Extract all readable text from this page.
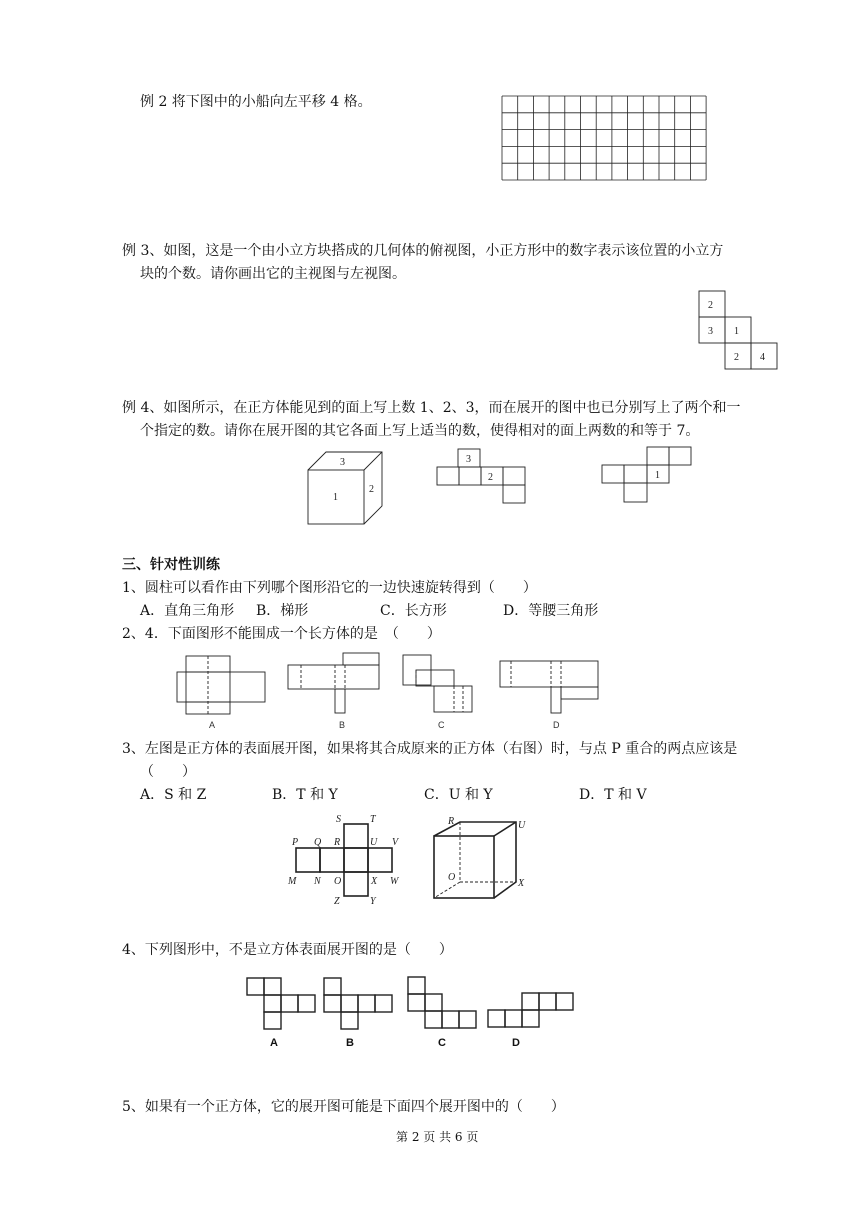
例 2 将下图中的小船向左平移 4 格。
例 3、如图，这是一个由小立方块搭成的几何体的俯视图，小正方形中的数字表示该位置的小立方
块的个数。请你画出它的主视图与左视图。
2
3 1
2 4
例 4、如图所示，在正方体能见到的面上写上数 1、2、3，而在展开的图中也已分别写上了两个和一
个指定的数。请你在展开图的其它各面上写上适当的数，使得相对的面上两数的和等于 7。
3
1
2
3
2	1
三、针对性训练
1、圆柱可以看作由下列哪个图形沿它的一边快速旋转得到（　　）
A．直角三角形 B．梯形	C．长方形	D．等腰三角形
2、4．下面图形不能围成一个长方体的是　（　　）
A	B	C	D
3、左图是正方体的表面展开图，如果将其合成原来的正方体（右图）时，与点 P 重合的两点应该是
（　　）
A．S 和 Z	B．T 和 Y	C．U 和 Y	D．T 和 V
S	T
P Q R	U V
M N O	X W
Z	Y
R	U
O
X
4、下列图形中，不是立方体表面展开图的是（　　）
A	B	C	D
5、如果有一个正方体，它的展开图可能是下面四个展开图中的（　　）
第 2 页 共 6 页
